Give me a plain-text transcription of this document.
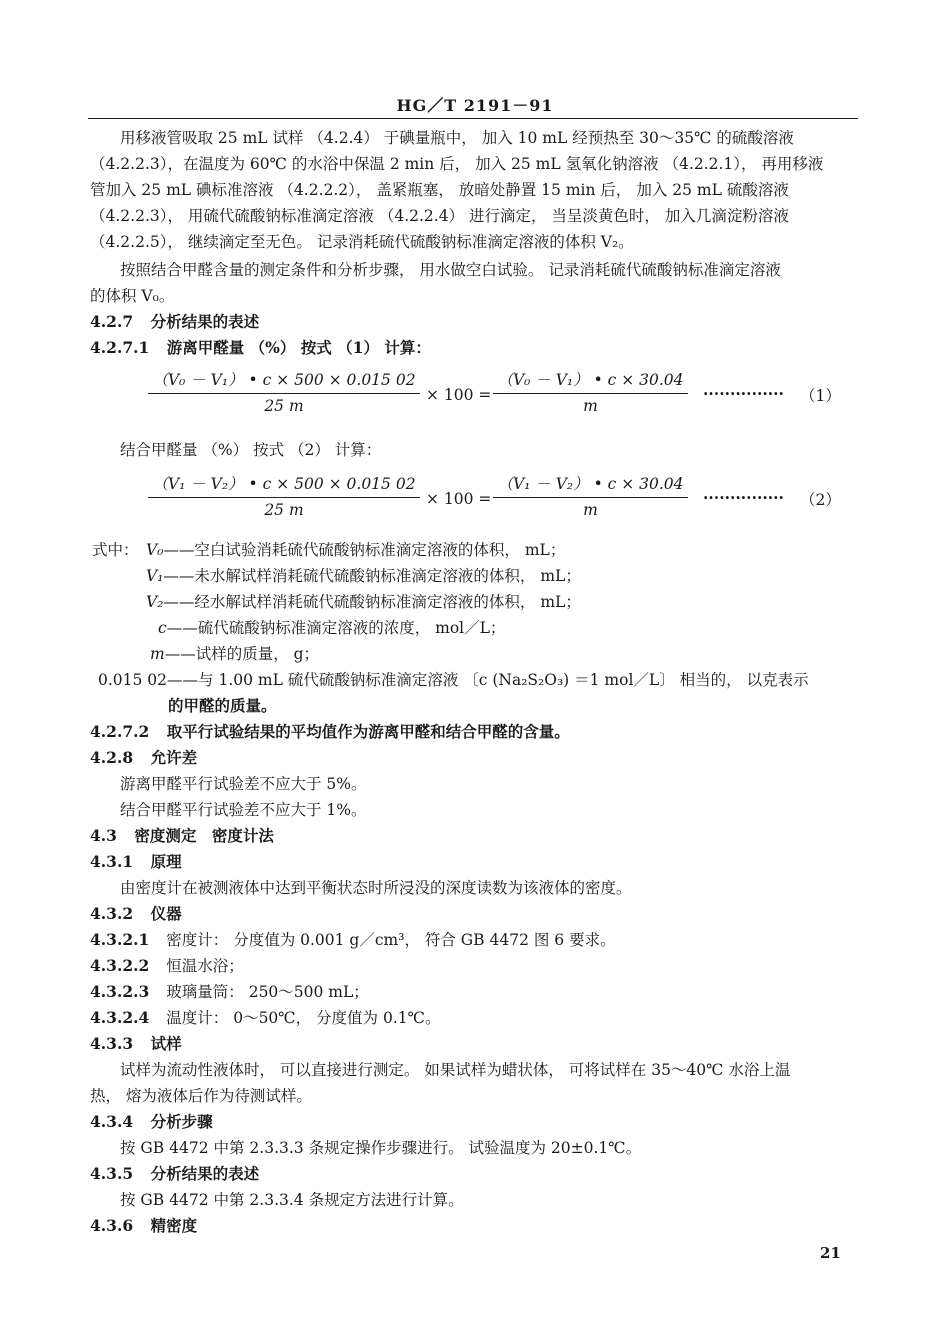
HG／T 2191－91
用移液管吸取 25 mL 试样 （4.2.4） 于碘量瓶中， 加入 10 mL 经预热至 30～35℃ 的硫酸溶液
（4.2.2.3），在温度为 60℃ 的水浴中保温 2 min 后， 加入 25 mL 氢氧化钠溶液 （4.2.2.1）， 再用移液
管加入 25 mL 碘标准溶液 （4.2.2.2）， 盖紧瓶塞， 放暗处静置 15 min 后， 加入 25 mL 硫酸溶液
（4.2.2.3）， 用硫代硫酸钠标准滴定溶液 （4.2.2.4） 进行滴定， 当呈淡黄色时， 加入几滴淀粉溶液
（4.2.2.5）， 继续滴定至无色。 记录消耗硫代硫酸钠标准滴定溶液的体积 V₂。
按照结合甲醛含量的测定条件和分析步骤， 用水做空白试验。 记录消耗硫代硫酸钠标准滴定溶液
的体积 V₀。
4.2.7 分析结果的表述
4.2.7.1 游离甲醛量 （%） 按式 （1） 计算：
（V₀ － V₁） • c × 500 × 0.015 02
25 m
× 100 =
（V₀ － V₁） • c × 30.04
m
··············· （1）
结合甲醛量 （%） 按式 （2） 计算：
（V₁ － V₂） • c × 500 × 0.015 02
25 m
× 100 =
（V₁ － V₂） • c × 30.04
m
··············· （2）
式中： V₀——空白试验消耗硫代硫酸钠标准滴定溶液的体积， mL；
V₁——未水解试样消耗硫代硫酸钠标准滴定溶液的体积， mL；
V₂——经水解试样消耗硫代硫酸钠标准滴定溶液的体积， mL；
c——硫代硫酸钠标准滴定溶液的浓度， mol／L；
m——试样的质量， g；
0.015 02——与 1.00 mL 硫代硫酸钠标准滴定溶液 〔c (Na₂S₂O₃) ＝1 mol／L〕 相当的， 以克表示
的甲醛的质量。
4.2.7.2 取平行试验结果的平均值作为游离甲醛和结合甲醛的含量。
4.2.8 允许差
游离甲醛平行试验差不应大于 5%。
结合甲醛平行试验差不应大于 1%。
4.3 密度测定　密度计法
4.3.1 原理
由密度计在被测液体中达到平衡状态时所浸没的深度读数为该液体的密度。
4.3.2 仪器
4.3.2.1 密度计： 分度值为 0.001 g／cm³， 符合 GB 4472 图 6 要求。
4.3.2.2 恒温水浴；
4.3.2.3 玻璃量筒： 250～500 mL；
4.3.2.4 温度计： 0～50℃， 分度值为 0.1℃。
4.3.3 试样
试样为流动性液体时， 可以直接进行测定。 如果试样为蜡状体， 可将试样在 35～40℃ 水浴上温
热， 熔为液体后作为待测试样。
4.3.4 分析步骤
按 GB 4472 中第 2.3.3.3 条规定操作步骤进行。 试验温度为 20±0.1℃。
4.3.5 分析结果的表述
按 GB 4472 中第 2.3.3.4 条规定方法进行计算。
4.3.6 精密度
21
